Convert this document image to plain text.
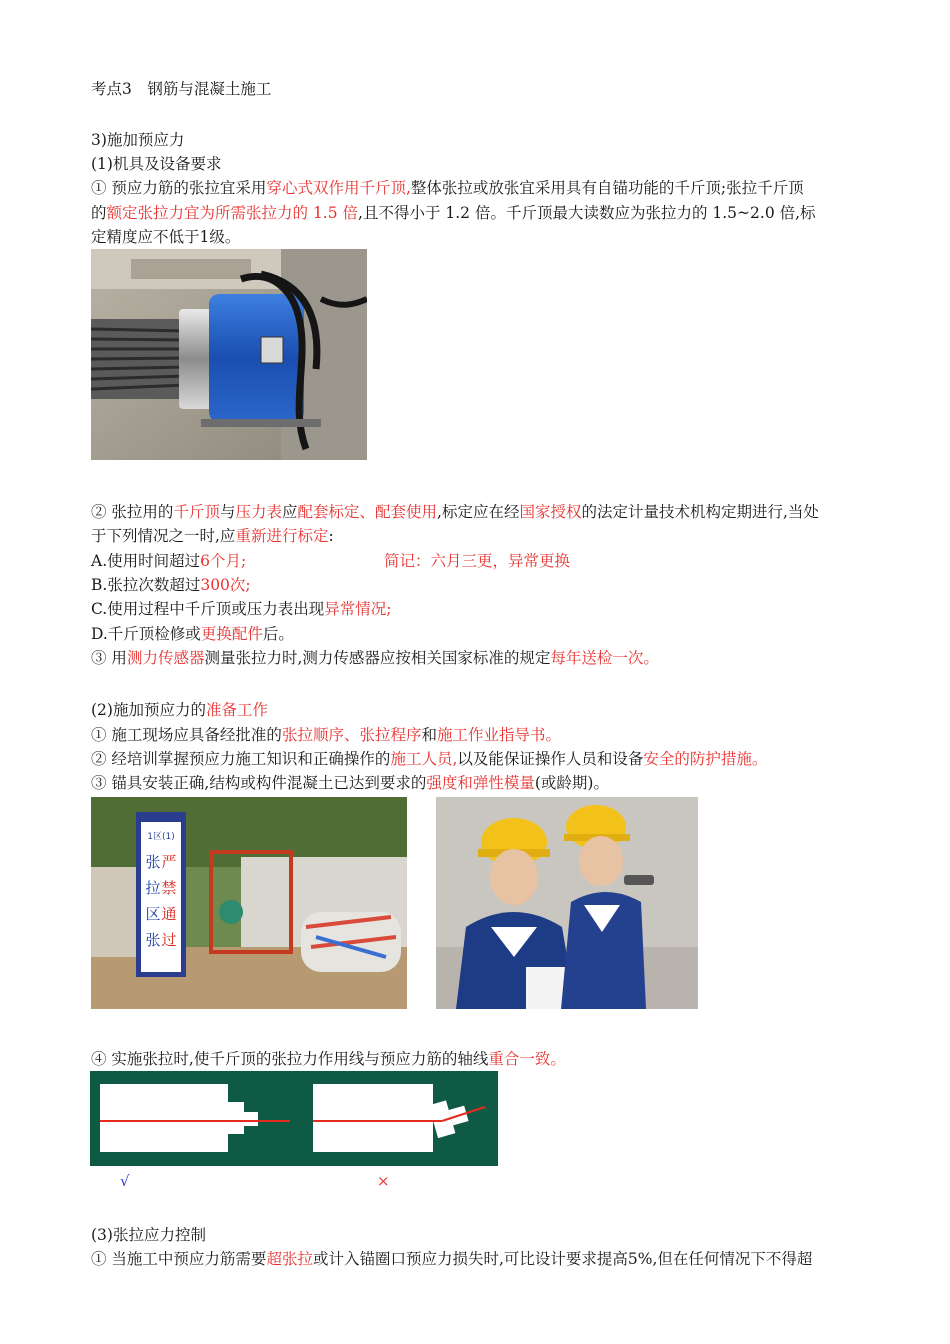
考点3　钢筋与混凝土施工
3)施加预应力
(1)机具及设备要求
① 预应力筋的张拉宜采用穿心式双作用千斤顶,整体张拉或放张宜采用具有自锚功能的千斤顶;张拉千斤顶
的额定张拉力宜为所需张拉力的 1.5 倍,且不得小于 1.2 倍。千斤顶最大读数应为张拉力的 1.5~2.0 倍,标
定精度应不低于1级。
② 张拉用的千斤顶与压力表应配套标定、配套使用,标定应在经国家授权的法定计量技术机构定期进行,当处
于下列情况之一时,应重新进行标定:
A.使用时间超过6个月;	简记：六月三更，异常更换
B.张拉次数超过300次;
C.使用过程中千斤顶或压力表出现异常情况;
D.千斤顶检修或更换配件后。
③ 用测力传感器测量张拉力时,测力传感器应按相关国家标准的规定每年送检一次。
(2)施加预应力的准备工作
① 施工现场应具备经批准的张拉顺序、张拉程序和施工作业指导书。
② 经培训掌握预应力施工知识和正确操作的施工人员,以及能保证操作人员和设备安全的防护措施。
③ 锚具安装正确,结构或构件混凝土已达到要求的强度和弹性模量(或龄期)。
1区(1)
张
拉
区
张
严
禁
通
过
④ 实施张拉时,使千斤顶的张拉力作用线与预应力筋的轴线重合一致。
√	×
(3)张拉应力控制
① 当施工中预应力筋需要超张拉或计入锚圈口预应力损失时,可比设计要求提高5%,但在任何情况下不得超
